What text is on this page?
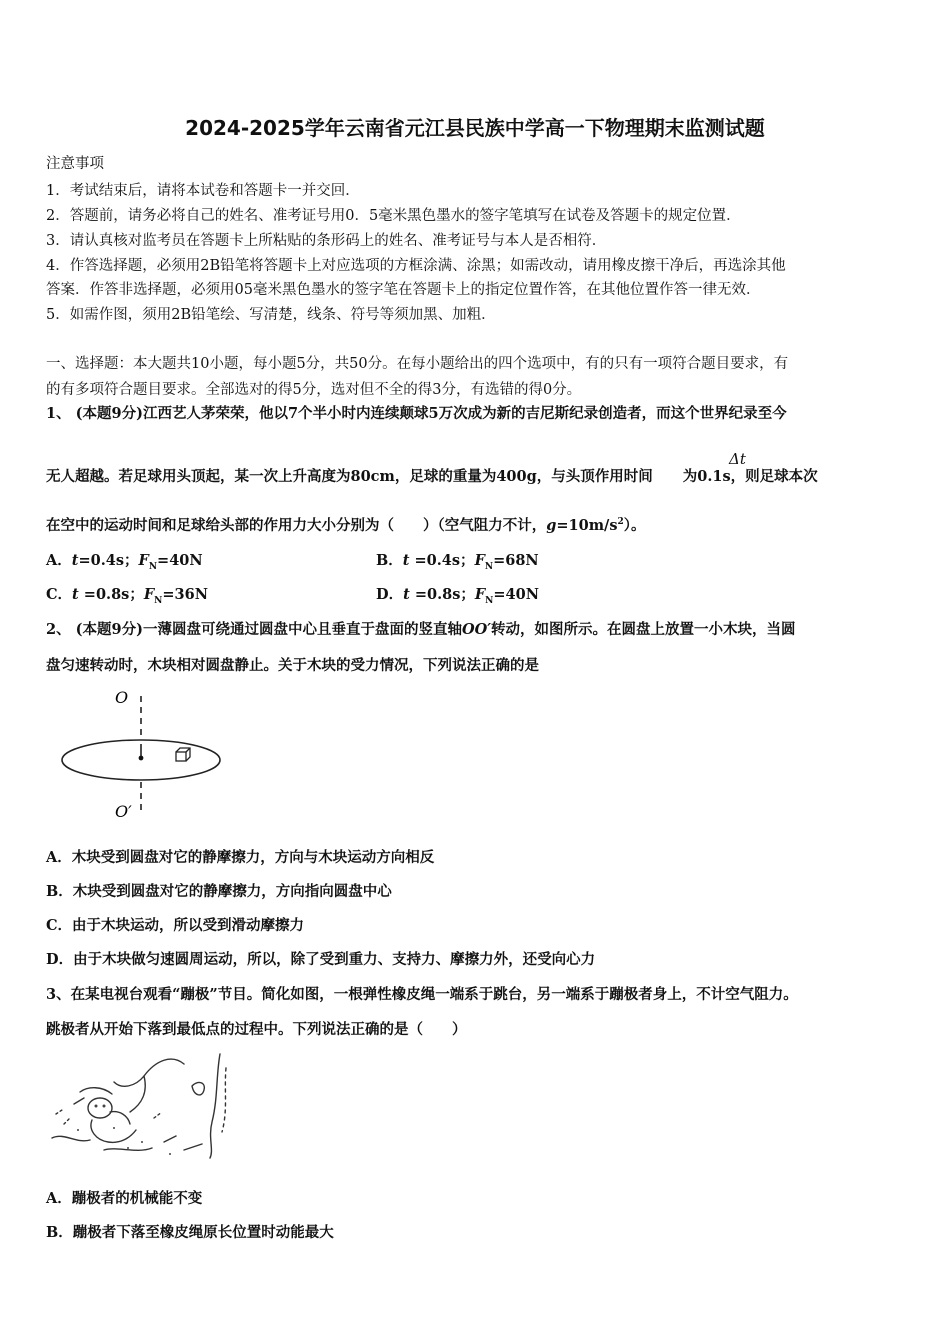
2024-2025学年云南省元江县民族中学高一下物理期末监测试题
注意事项
1．考试结束后，请将本试卷和答题卡一并交回．
2．答题前，请务必将自己的姓名、准考证号用0．5毫米黑色墨水的签字笔填写在试卷及答题卡的规定位置．
3．请认真核对监考员在答题卡上所粘贴的条形码上的姓名、准考证号与本人是否相符．
4．作答选择题，必须用2B铅笔将答题卡上对应选项的方框涂满、涂黑；如需改动，请用橡皮擦干净后，再选涂其他
答案．作答非选择题，必须用05毫米黑色墨水的签字笔在答题卡上的指定位置作答，在其他位置作答一律无效．
5．如需作图，须用2B铅笔绘、写清楚，线条、符号等须加黑、加粗．
一、选择题：本大题共10小题，每小题5分，共50分。在每小题给出的四个选项中，有的只有一项符合题目要求，有
的有多项符合题目要求。全部选对的得5分，选对但不全的得3分，有选错的得0分。
1、 (本题9分)江西艺人茅荣荣，他以7个半小时内连续颠球5万次成为新的吉尼斯纪录创造者，而这个世界纪录至今
无人超越。若足球用头顶起，某一次上升高度为80cm，足球的重量为400g，与头顶作用时间 为0.1s，则足球本次
Δt
在空中的运动时间和足球给头部的作用力大小分别为（　　）（空气阻力不计，$g=10m/s^2$）。
A．t=0.4s；$F_N=40N$	B．t =0.4s；$F_N=68N$
C．t =0.8s；$F_N=36N$	D．t =0.8s；$F_N=40N$
2、 (本题9分)一薄圆盘可绕通过圆盘中心且垂直于盘面的竖直轴OO′转动，如图所示。在圆盘上放置一小木块，当圆
盘匀速转动时，木块相对圆盘静止。关于木块的受力情况，下列说法正确的是
O
O′
A．木块受到圆盘对它的静摩擦力，方向与木块运动方向相反
B．木块受到圆盘对它的静摩擦力，方向指向圆盘中心
C．由于木块运动，所以受到滑动摩擦力
D．由于木块做匀速圆周运动，所以，除了受到重力、支持力、摩擦力外，还受向心力
3、在某电视台观看“蹦极”节目。简化如图，一根弹性橡皮绳一端系于跳台，另一端系于蹦极者身上，不计空气阻力。
跳极者从开始下落到最低点的过程中。下列说法正确的是（　　）
A．蹦极者的机械能不变
B．蹦极者下落至橡皮绳原长位置时动能最大
